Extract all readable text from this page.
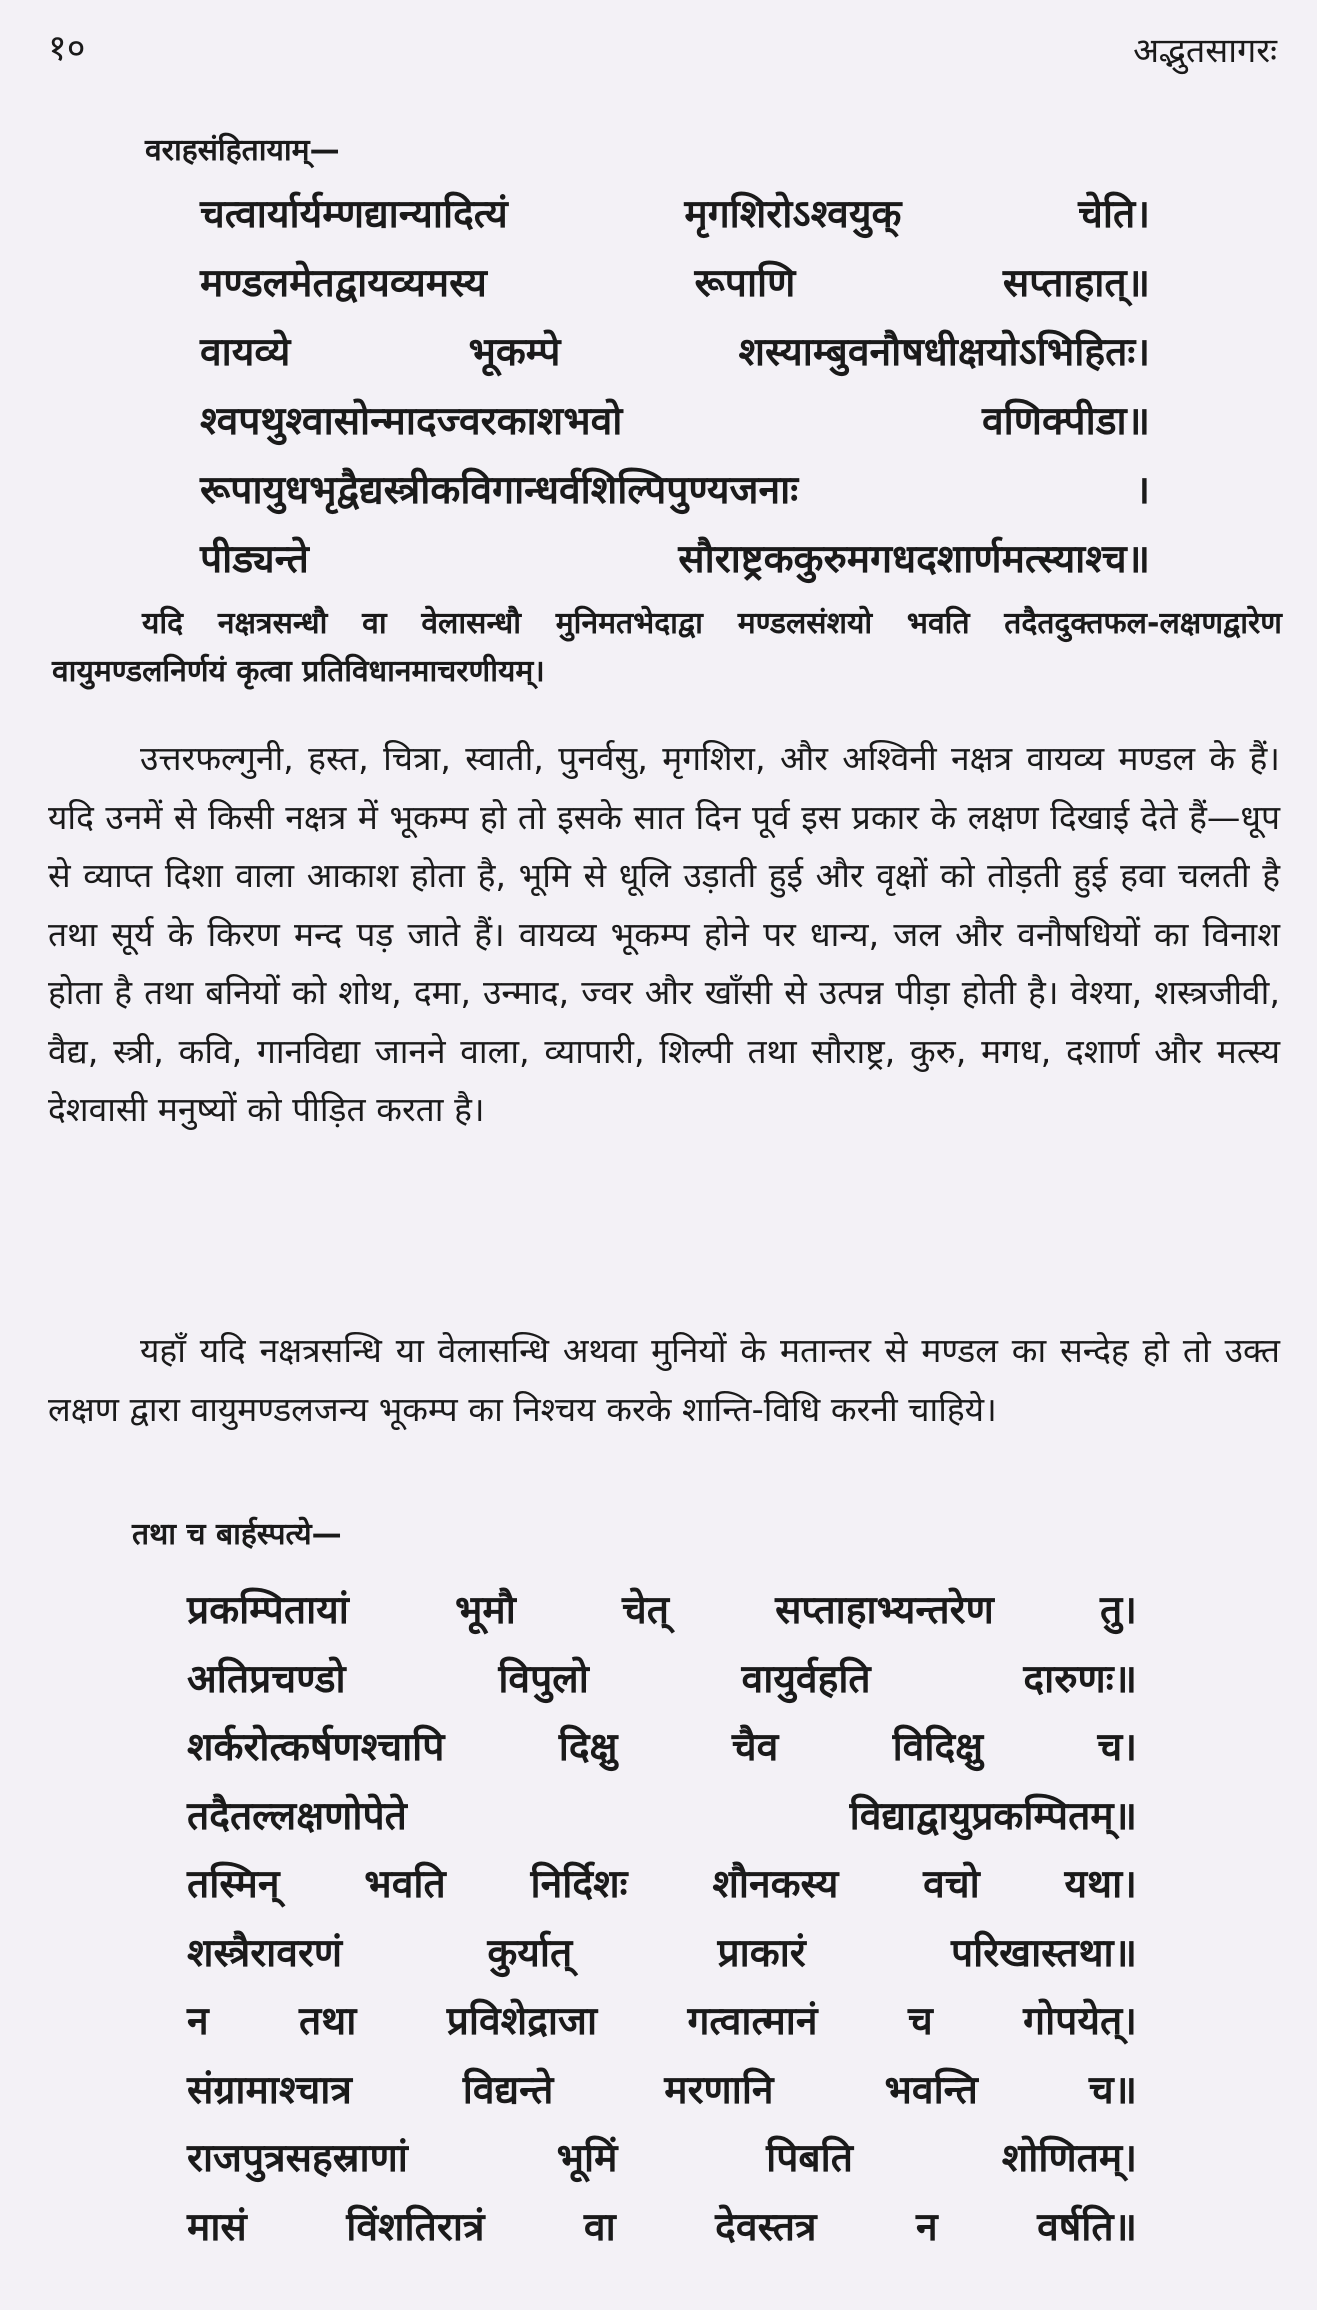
१०	अद्भुतसागरः
वराहसंहितायाम्—
चत्वार्यार्यम्णद्यान्यादित्यं	मृगशिरोऽश्वयुक्	चेति।
मण्डलमेतद्वायव्यमस्य	रूपाणि	सप्ताहात्॥
वायव्ये	भूकम्पे	शस्याम्बुवनौषधीक्षयोऽभिहितः।
श्वपथुश्वासोन्मादज्वरकाशभवो	वणिक्पीडा॥
रूपायुधभृद्वैद्यस्त्रीकविगान्धर्वशिल्पिपुण्यजनाः	।
पीड्यन्ते	सौराष्ट्रककुरुमगधदशार्णमत्स्याश्च॥
यदि नक्षत्रसन्धौ वा वेलासन्धौ मुनिमतभेदाद्वा मण्डलसंशयो भवति तदैतदुक्तफल-लक्षणद्वारेण वायुमण्डलनिर्णयं कृत्वा प्रतिविधानमाचरणीयम्।
उत्तरफल्गुनी, हस्त, चित्रा, स्वाती, पुनर्वसु, मृगशिरा, और अश्विनी नक्षत्र वायव्य मण्डल के हैं। यदि उनमें से किसी नक्षत्र में भूकम्प हो तो इसके सात दिन पूर्व इस प्रकार के लक्षण दिखाई देते हैं—धूप से व्याप्त दिशा वाला आकाश होता है, भूमि से धूलि उड़ाती हुई और वृक्षों को तोड़ती हुई हवा चलती है तथा सूर्य के किरण मन्द पड़ जाते हैं। वायव्य भूकम्प होने पर धान्य, जल और वनौषधियों का विनाश होता है तथा बनियों को शोथ, दमा, उन्माद, ज्वर और खाँसी से उत्पन्न पीड़ा होती है। वेश्या, शस्त्रजीवी, वैद्य, स्त्री, कवि, गानविद्या जानने वाला, व्यापारी, शिल्पी तथा सौराष्ट्र, कुरु, मगध, दशार्ण और मत्स्य देशवासी मनुष्यों को पीड़ित करता है।
यहाँ यदि नक्षत्रसन्धि या वेलासन्धि अथवा मुनियों के मतान्तर से मण्डल का सन्देह हो तो उक्त लक्षण द्वारा वायुमण्डलजन्य भूकम्प का निश्चय करके शान्ति-विधि करनी चाहिये।
तथा च बार्हस्पत्ये—
प्रकम्पितायां	भूमौ	चेत्	सप्ताहाभ्यन्तरेण	तु।
अतिप्रचण्डो	विपुलो	वायुर्वहति	दारुणः॥
शर्करोत्कर्षणश्चापि	दिक्षु	चैव	विदिक्षु	च।
तदैतल्लक्षणोपेते	विद्याद्वायुप्रकम्पितम्॥
तस्मिन् भवति निर्दिशः शौनकस्य वचो यथा।
शस्त्रैरावरणं	कुर्यात्	प्राकारं	परिखास्तथा॥
न तथा प्रविशेद्राजा गत्वात्मानं च गोपयेत्।
संग्रामाश्चात्र	विद्यन्ते	मरणानि	भवन्ति	च॥
राजपुत्रसहस्राणां	भूमिं	पिबति	शोणितम्।
मासं	विंशतिरात्रं	वा	देवस्तत्र	न	वर्षति॥
